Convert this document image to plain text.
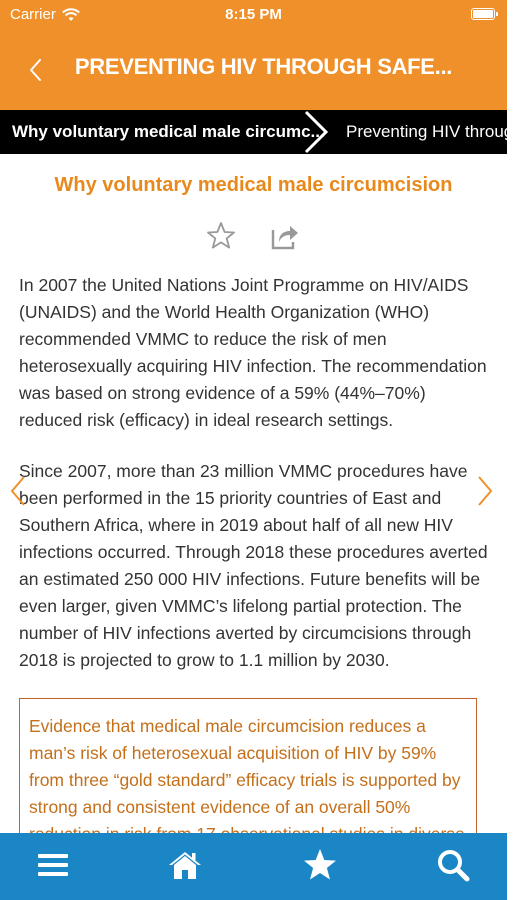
Carrier	8:15 PM
PREVENTING HIV THROUGH SAFE...
Why voluntary medical male circumc... Preventing HIV throug
Why voluntary medical male circumcision
In 2007 the United Nations Joint Programme on HIV/AIDS (UNAIDS) and the World Health Organization (WHO) recommended VMMC to reduce the risk of men heterosexually acquiring HIV infection. The recommendation was based on strong evidence of a 59% (44%–70%) reduced risk (efficacy) in ideal research settings.
Since 2007, more than 23 million VMMC procedures have been performed in the 15 priority countries of East and Southern Africa, where in 2019 about half of all new HIV infections occurred. Through 2018 these procedures averted an estimated 250 000 HIV infections. Future benefits will be even larger, given VMMC’s lifelong partial protection. The number of HIV infections averted by circumcisions through 2018 is projected to grow to 1.1 million by 2030.
Evidence that medical male circumcision reduces a man’s risk of heterosexual acquisition of HIV by 59% from three “gold standard” efficacy trials is supported by strong and consistent evidence of an overall 50%
